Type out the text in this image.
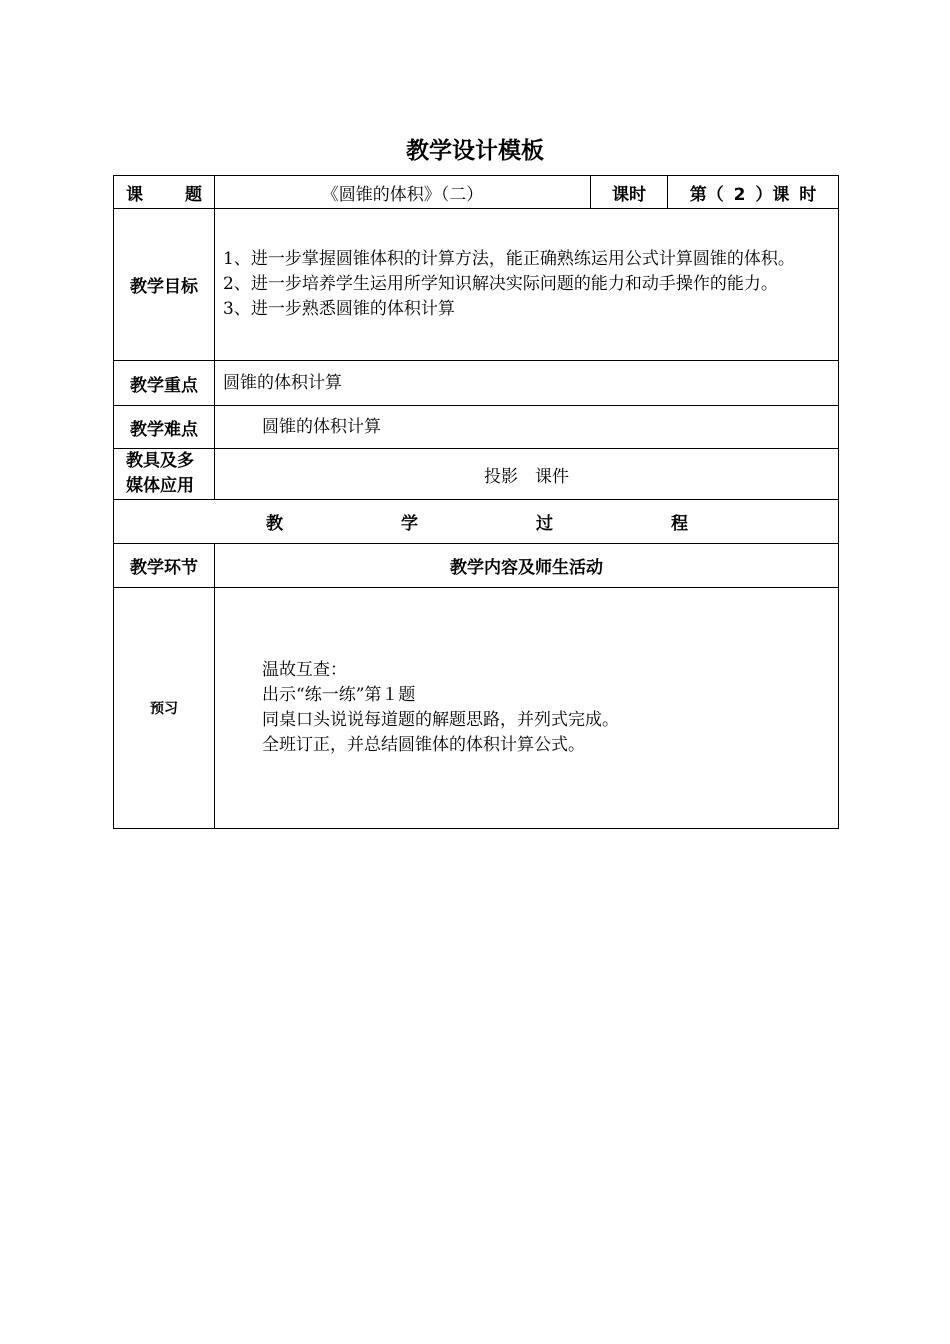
教学设计模板
课 题	《圆锥的体积》（二）	课时	第（ 2 ）课 时
教学目标	1、进一步掌握圆锥体积的计算方法，能正确熟练运用公式计算圆锥的体积。
2、进一步培养学生运用所学知识解决实际问题的能力和动手操作的能力。
3、进一步熟悉圆锥的体积计算		

教学重点	圆锥的体积计算		
教学难点	圆锥的体积计算		

教具及多
媒体应用	投影　课件		

教 学 过 程			

教学环节	教学内容及师生活动		
预习	温故互查：
出示“练一练”第１题
同桌口头说说每道题的解题思路，并列式完成。
全班订正，并总结圆锥体的体积计算公式。		
